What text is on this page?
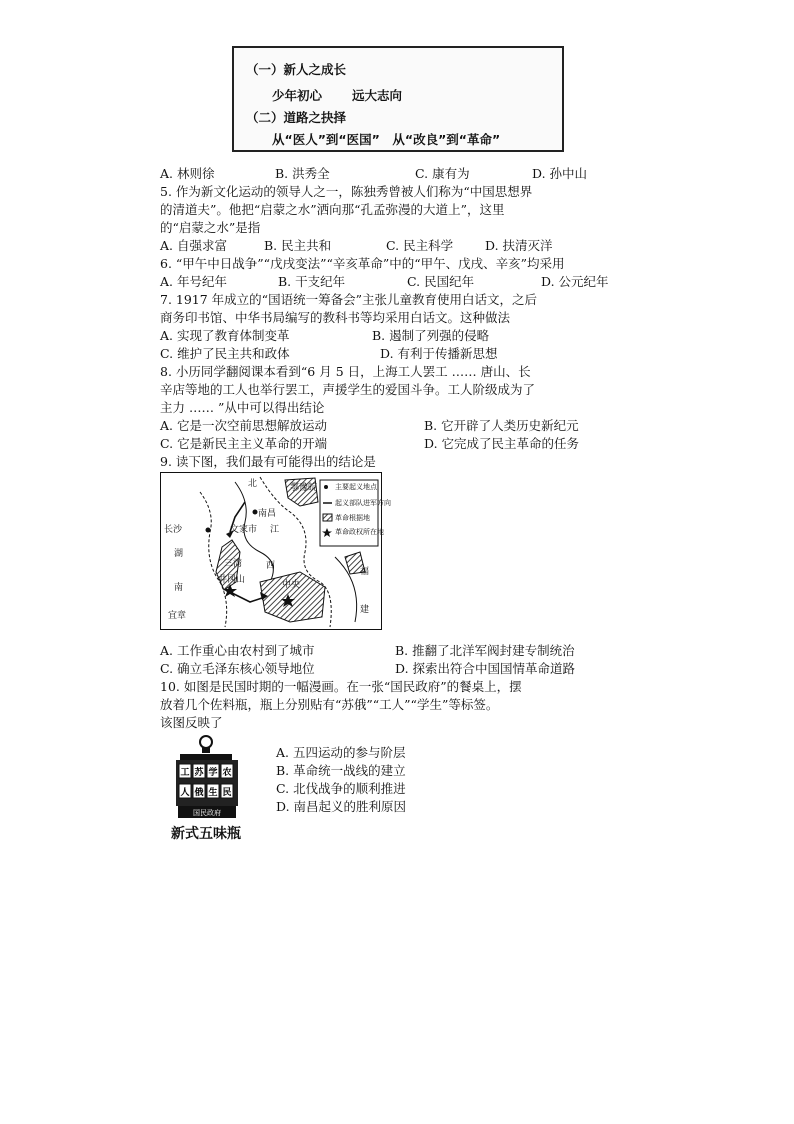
（一）新人之成长
少年初心 远大志向
（二）道路之抉择
从“医人”到“医国”　从“改良”到“革命”
A. 林则徐	B. 洪秀全	C. 康有为	D. 孙中山
5. 作为新文化运动的领导人之一，陈独秀曾被人们称为“中国思想界
的清道夫”。他把“启蒙之水”洒向那“孔孟弥漫的大道上”，这里
的“启蒙之水”是指
A. 自强求富	B. 民主共和	C. 民主科学	D. 扶清灭洋
6. “甲午中日战争”“戊戌变法”“辛亥革命”中的“甲午、戊戌、辛亥”均采用
A. 年号纪年	B. 干支纪年	C. 民国纪年	D. 公元纪年
7. 1917 年成立的“国语统一筹备会”主张儿童教育使用白话文，之后
商务印书馆、中华书局编写的教科书等均采用白话文。这种做法
A. 实现了教育体制变革	B. 遏制了列强的侵略
C. 维护了民主共和政体	D. 有利于传播新思想
8. 小历同学翻阅课本看到“6 月 5 日，上海工人罢工 …… 唐山、长
辛店等地的工人也举行罢工，声援学生的爱国斗争。工人阶级成为了
主力 …… ”从中可以得出结论
A. 它是一次空前思想解放运动	B. 它开辟了人类历史新纪元
C. 它是新民主主义革命的开端	D. 它完成了民主革命的任务
9. 读下图，我们最有可能得出的结论是
主要起义地点
起义部队进军方向
革命根据地
革命政权所在地
北	鄂豫皖
南昌
江
文家市
长沙
湖
南
三湾
井冈山
西
中央
福
建
宜章
A. 工作重心由农村到了城市	B. 推翻了北洋军阀封建专制统治
C. 确立毛泽东核心领导地位	D. 探索出符合中国国情革命道路
10. 如图是民国时期的一幅漫画。在一张“国民政府”的餐桌上，摆
放着几个佐料瓶，瓶上分别贴有“苏俄”“工人”“学生”等标签。
该图反映了
工
人
苏
俄
学
生
农
民
国民政府
新式五味瓶
A. 五四运动的参与阶层
B. 革命统一战线的建立
C. 北伐战争的顺利推进
D. 南昌起义的胜利原因
